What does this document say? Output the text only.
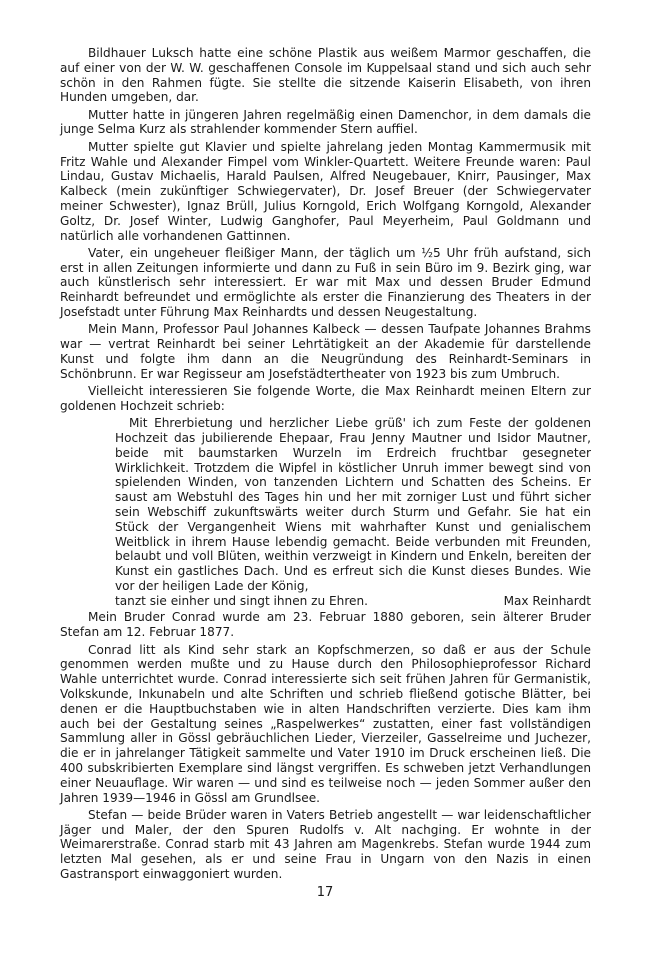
Bildhauer Luksch hatte eine schöne Plastik aus weißem Marmor geschaffen, die auf einer von der W. W. geschaffenen Console im Kuppelsaal stand und sich auch sehr schön in den Rahmen fügte. Sie stellte die sitzende Kaiserin Elisabeth, von ihren Hunden umgeben, dar.

Mutter hatte in jüngeren Jahren regelmäßig einen Damenchor, in dem damals die junge Selma Kurz als strahlender kommender Stern auffiel.

Mutter spielte gut Klavier und spielte jahrelang jeden Montag Kammermusik mit Fritz Wahle und Alexander Fimpel vom Winkler-Quartett. Weitere Freunde waren: Paul Lindau, Gustav Michaelis, Harald Paulsen, Alfred Neugebauer, Knirr, Pausinger, Max Kalbeck (mein zukünftiger Schwiegervater), Dr. Josef Breuer (der Schwiegervater meiner Schwester), Ignaz Brüll, Julius Korngold, Erich Wolfgang Korngold, Alexander Goltz, Dr. Josef Winter, Ludwig Ganghofer, Paul Meyerheim, Paul Goldmann und natürlich alle vorhandenen Gattinnen.

Vater, ein ungeheuer fleißiger Mann, der täglich um ½5 Uhr früh aufstand, sich erst in allen Zeitungen informierte und dann zu Fuß in sein Büro im 9. Bezirk ging, war auch künstlerisch sehr interessiert. Er war mit Max und dessen Bruder Edmund Reinhardt befreundet und ermöglichte als erster die Finanzierung des Theaters in der Josefstadt unter Führung Max Reinhardts und dessen Neugestaltung.

Mein Mann, Professor Paul Johannes Kalbeck — dessen Taufpate Johannes Brahms war — vertrat Reinhardt bei seiner Lehrtätigkeit an der Akademie für darstellende Kunst und folgte ihm dann an die Neugründung des Reinhardt-Seminars in Schönbrunn. Er war Regisseur am Josefstädtertheater von 1923 bis zum Umbruch.

Vielleicht interessieren Sie folgende Worte, die Max Reinhardt meinen Eltern zur goldenen Hochzeit schrieb:

Mit Ehrerbietung und herzlicher Liebe grüß' ich zum Feste der goldenen Hochzeit das jubilierende Ehepaar, Frau Jenny Mautner und Isidor Mautner, beide mit baumstarken Wurzeln im Erdreich fruchtbar gesegneter Wirklichkeit. Trotzdem die Wipfel in köstlicher Unruh immer bewegt sind von spielenden Winden, von tanzenden Lichtern und Schatten des Scheins. Er saust am Webstuhl des Tages hin und her mit zorniger Lust und führt sicher sein Webschiff zukunftswärts weiter durch Sturm und Gefahr. Sie hat ein Stück der Vergangenheit Wiens mit wahrhafter Kunst und genialischem Weitblick in ihrem Hause lebendig gemacht. Beide verbunden mit Freunden, belaubt und voll Blüten, weithin verzweigt in Kindern und Enkeln, bereiten der Kunst ein gastliches Dach. Und es erfreut sich die Kunst dieses Bundes. Wie vor der heiligen Lade der König,
tanzt sie einher und singt ihnen zu Ehren.	Max Reinhardt

Mein Bruder Conrad wurde am 23. Februar 1880 geboren, sein älterer Bruder Stefan am 12. Februar 1877.

Conrad litt als Kind sehr stark an Kopfschmerzen, so daß er aus der Schule genommen werden mußte und zu Hause durch den Philosophieprofessor Richard Wahle unterrichtet wurde. Conrad interessierte sich seit frühen Jahren für Germanistik, Volkskunde, Inkunabeln und alte Schriften und schrieb fließend gotische Blätter, bei denen er die Hauptbuchstaben wie in alten Handschriften verzierte. Dies kam ihm auch bei der Gestaltung seines „Raspelwerkes“ zustatten, einer fast vollständigen Sammlung aller in Gössl gebräuchlichen Lieder, Vierzeiler, Gasselreime und Juchezer, die er in jahrelanger Tätigkeit sammelte und Vater 1910 im Druck erscheinen ließ. Die 400 subskribierten Exemplare sind längst vergriffen. Es schweben jetzt Verhandlungen einer Neuauflage. Wir waren — und sind es teilweise noch — jeden Sommer außer den Jahren 1939—1946 in Gössl am Grundlsee.

Stefan — beide Brüder waren in Vaters Betrieb angestellt — war leidenschaftlicher Jäger und Maler, der den Spuren Rudolfs v. Alt nachging. Er wohnte in der Weimarerstraße. Conrad starb mit 43 Jahren am Magenkrebs. Stefan wurde 1944 zum letzten Mal gesehen, als er und seine Frau in Ungarn von den Nazis in einen Gastransport einwaggoniert wurden.

17
